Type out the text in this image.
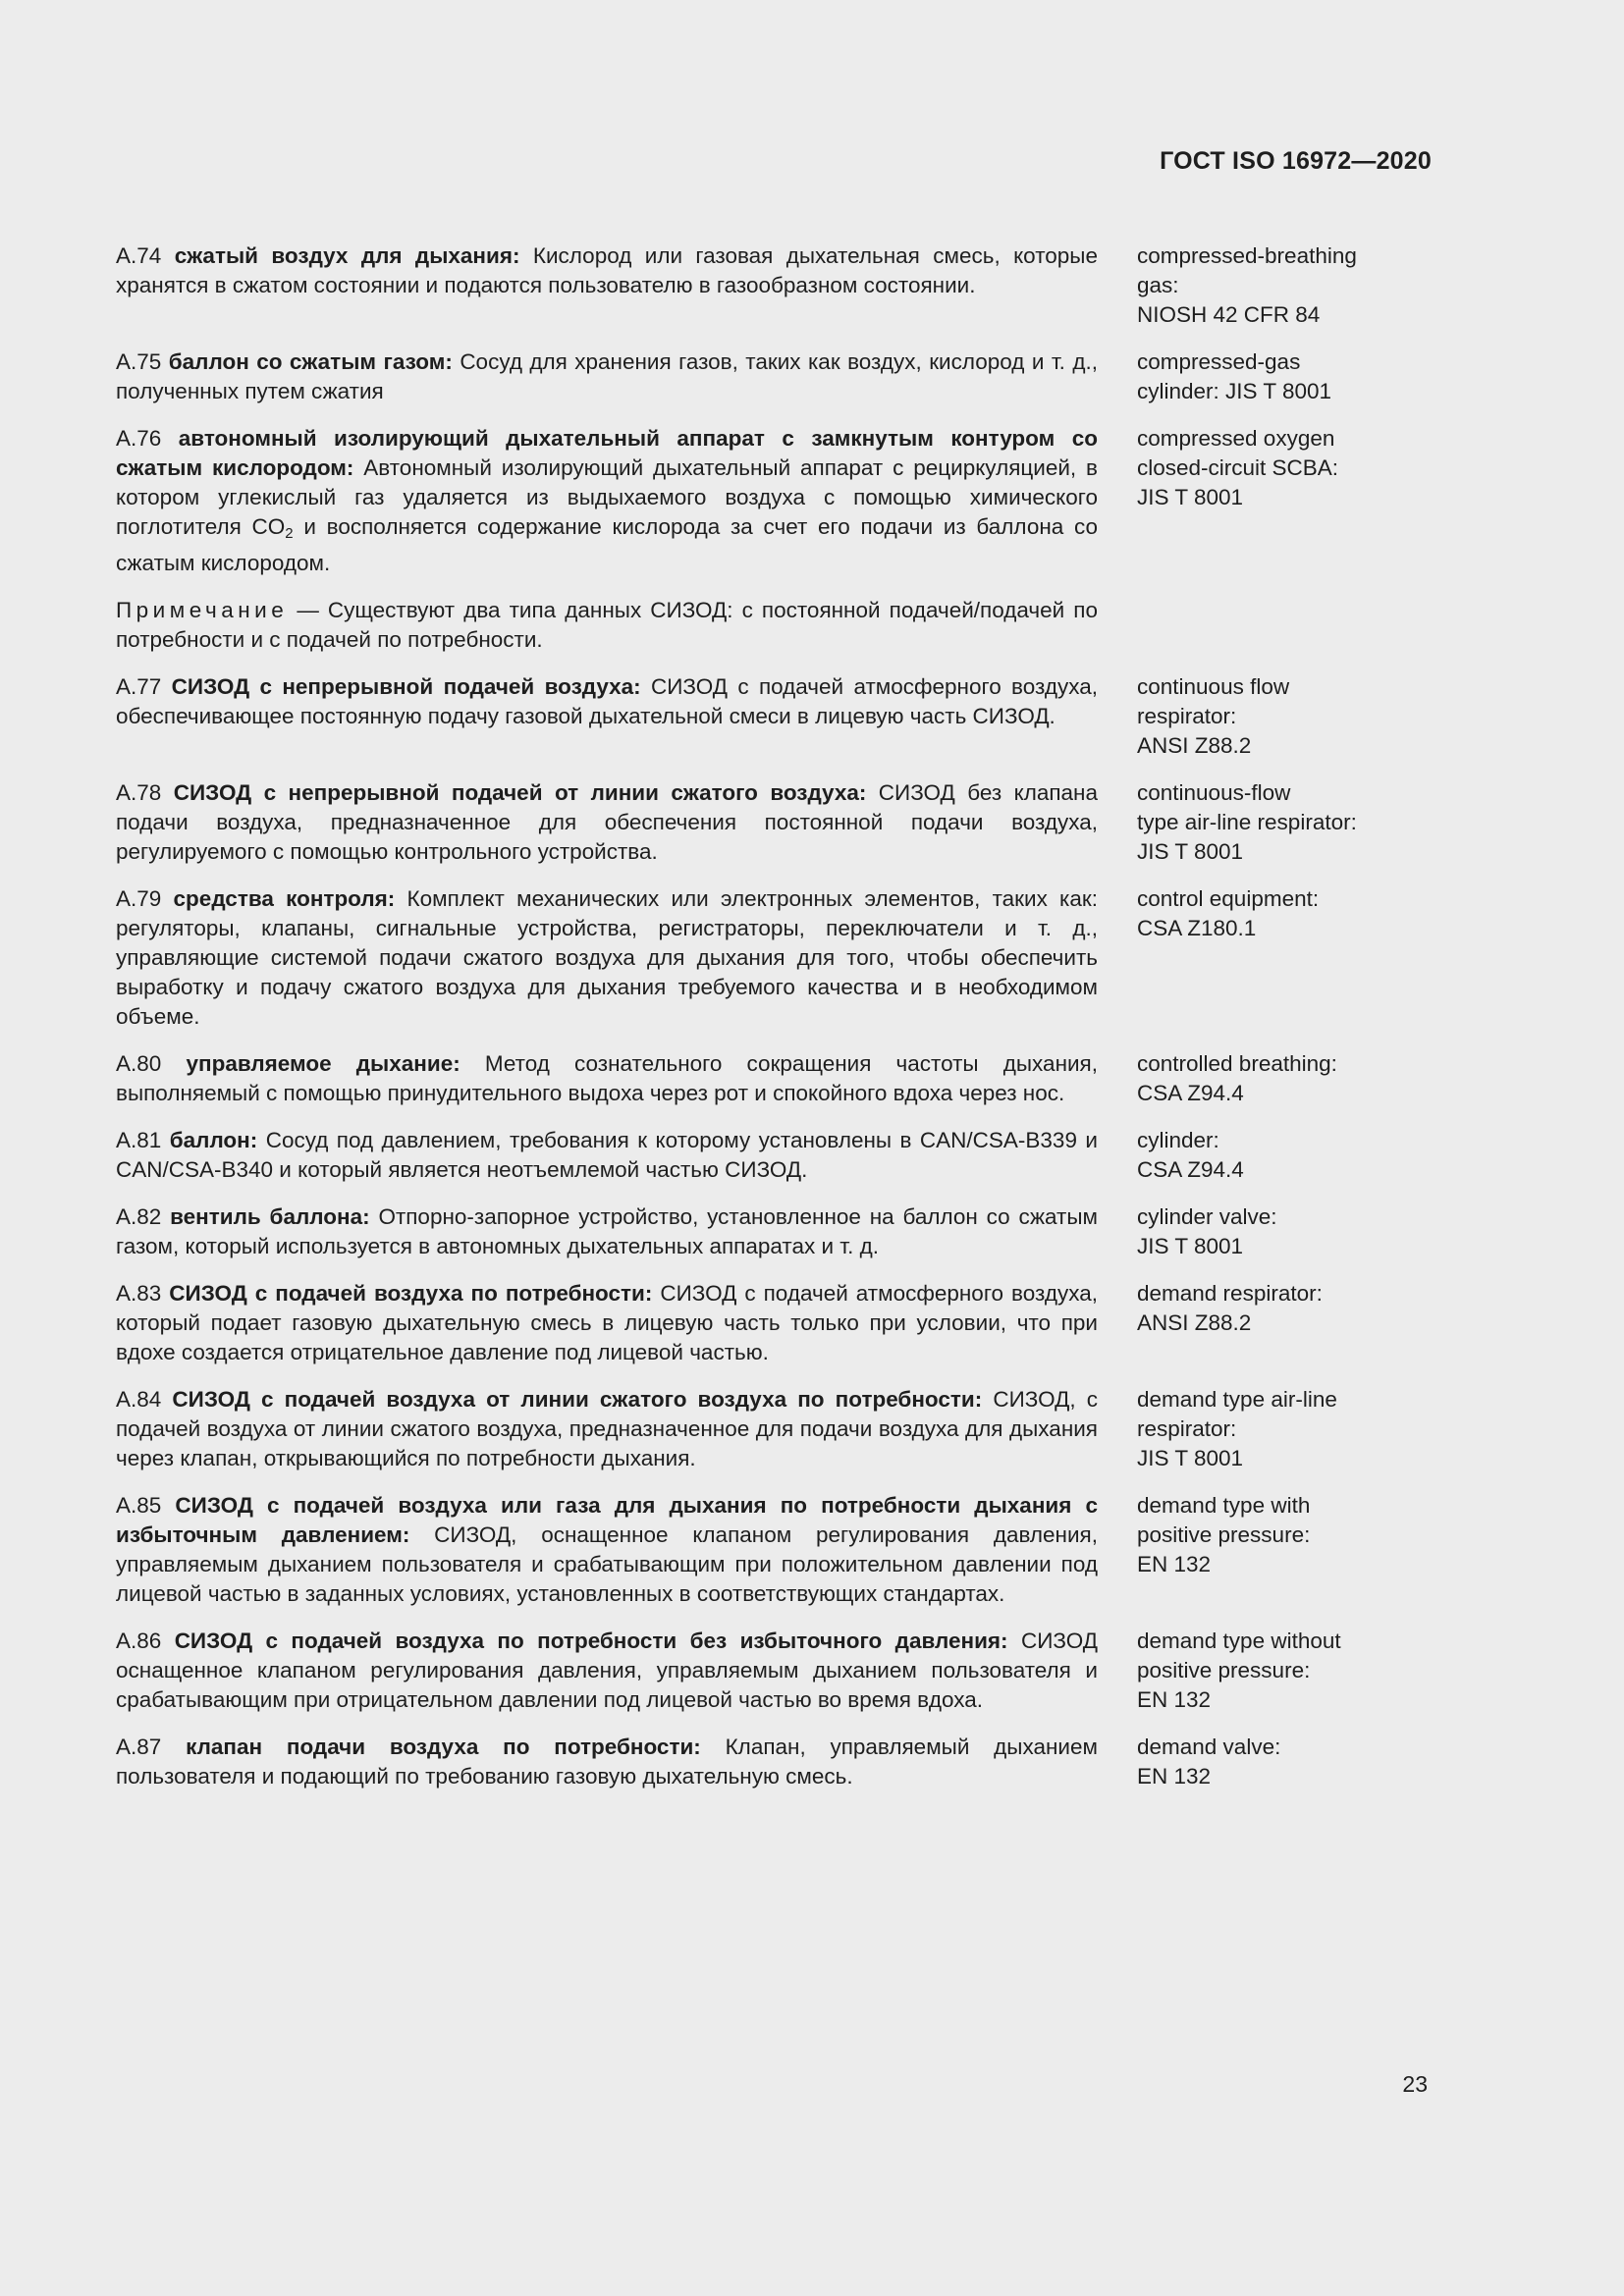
ГОСТ ISO 16972—2020
А.74 сжатый воздух для дыхания: Кислород или газовая дыхательная смесь, которые хранятся в сжатом состоянии и подаются пользователю в газообразном состоянии.
compressed-breathing
gas:
NIOSH 42 CFR 84
А.75 баллон со сжатым газом: Сосуд для хранения газов, таких как воздух, кислород и т. д., полученных путем сжатия
compressed-gas
cylinder: JIS T 8001
А.76 автономный изолирующий дыхательный аппарат с замкнутым контуром со сжатым кислородом: Автономный изолирующий дыхательный аппарат с рециркуляцией, в котором углекислый газ удаляется из выдыхаемого воздуха с помощью химического поглотителя $CO_2$ и восполняется содержание кислорода за счет его подачи из баллона со сжатым кислородом.
compressed oxygen
closed-circuit SCBA:
JIS T 8001
Примечание — Существуют два типа данных СИЗОД: с постоянной подачей/подачей по потребности и с подачей по потребности.
А.77 СИЗОД с непрерывной подачей воздуха: СИЗОД с подачей атмосферного воздуха, обеспечивающее постоянную подачу газовой дыхательной смеси в лицевую часть СИЗОД.
continuous flow
respirator:
ANSI Z88.2
А.78 СИЗОД с непрерывной подачей от линии сжатого воздуха: СИЗОД без клапана подачи воздуха, предназначенное для обеспечения постоянной подачи воздуха, регулируемого с помощью контрольного устройства.
continuous-flow
type air-line respirator:
JIS T 8001
А.79 средства контроля: Комплект механических или электронных элементов, таких как: регуляторы, клапаны, сигнальные устройства, регистраторы, переключатели и т. д., управляющие системой подачи сжатого воздуха для дыхания для того, чтобы обеспечить выработку и подачу сжатого воздуха для дыхания требуемого качества и в необходимом объеме.
control equipment:
CSA Z180.1
А.80 управляемое дыхание: Метод сознательного сокращения частоты дыхания, выполняемый с помощью принудительного выдоха через рот и спокойного вдоха через нос.
controlled breathing:
CSA Z94.4
А.81 баллон: Сосуд под давлением, требования к которому установлены в CAN/CSA-B339 и CAN/CSA-B340 и который является неотъемлемой частью СИЗОД.
cylinder:
CSA Z94.4
А.82 вентиль баллона: Отпорно-запорное устройство, установленное на баллон со сжатым газом, который используется в автономных дыхательных аппаратах и т. д.
cylinder valve:
JIS T 8001
А.83 СИЗОД с подачей воздуха по потребности: СИЗОД с подачей атмосферного воздуха, который подает газовую дыхательную смесь в лицевую часть только при условии, что при вдохе создается отрицательное давление под лицевой частью.
demand respirator:
ANSI Z88.2
А.84 СИЗОД с подачей воздуха от линии сжатого воздуха по потребности: СИЗОД, с подачей воздуха от линии сжатого воздуха, предназначенное для подачи воздуха для дыхания через клапан, открывающийся по потребности дыхания.
demand type air-line
respirator:
JIS T 8001
А.85 СИЗОД с подачей воздуха или газа для дыхания по потребности дыхания с избыточным давлением: СИЗОД, оснащенное клапаном регулирования давления, управляемым дыханием пользователя и срабатывающим при положительном давлении под лицевой частью в заданных условиях, установленных в соответствующих стандартах.
demand type with
positive pressure:
EN 132
А.86 СИЗОД с подачей воздуха по потребности без избыточного давления: СИЗОД оснащенное клапаном регулирования давления, управляемым дыханием пользователя и срабатывающим при отрицательном давлении под лицевой частью во время вдоха.
demand type without
positive pressure:
EN 132
А.87 клапан подачи воздуха по потребности: Клапан, управляемый дыханием пользователя и подающий по требованию газовую дыхательную смесь.
demand valve:
EN 132
23
